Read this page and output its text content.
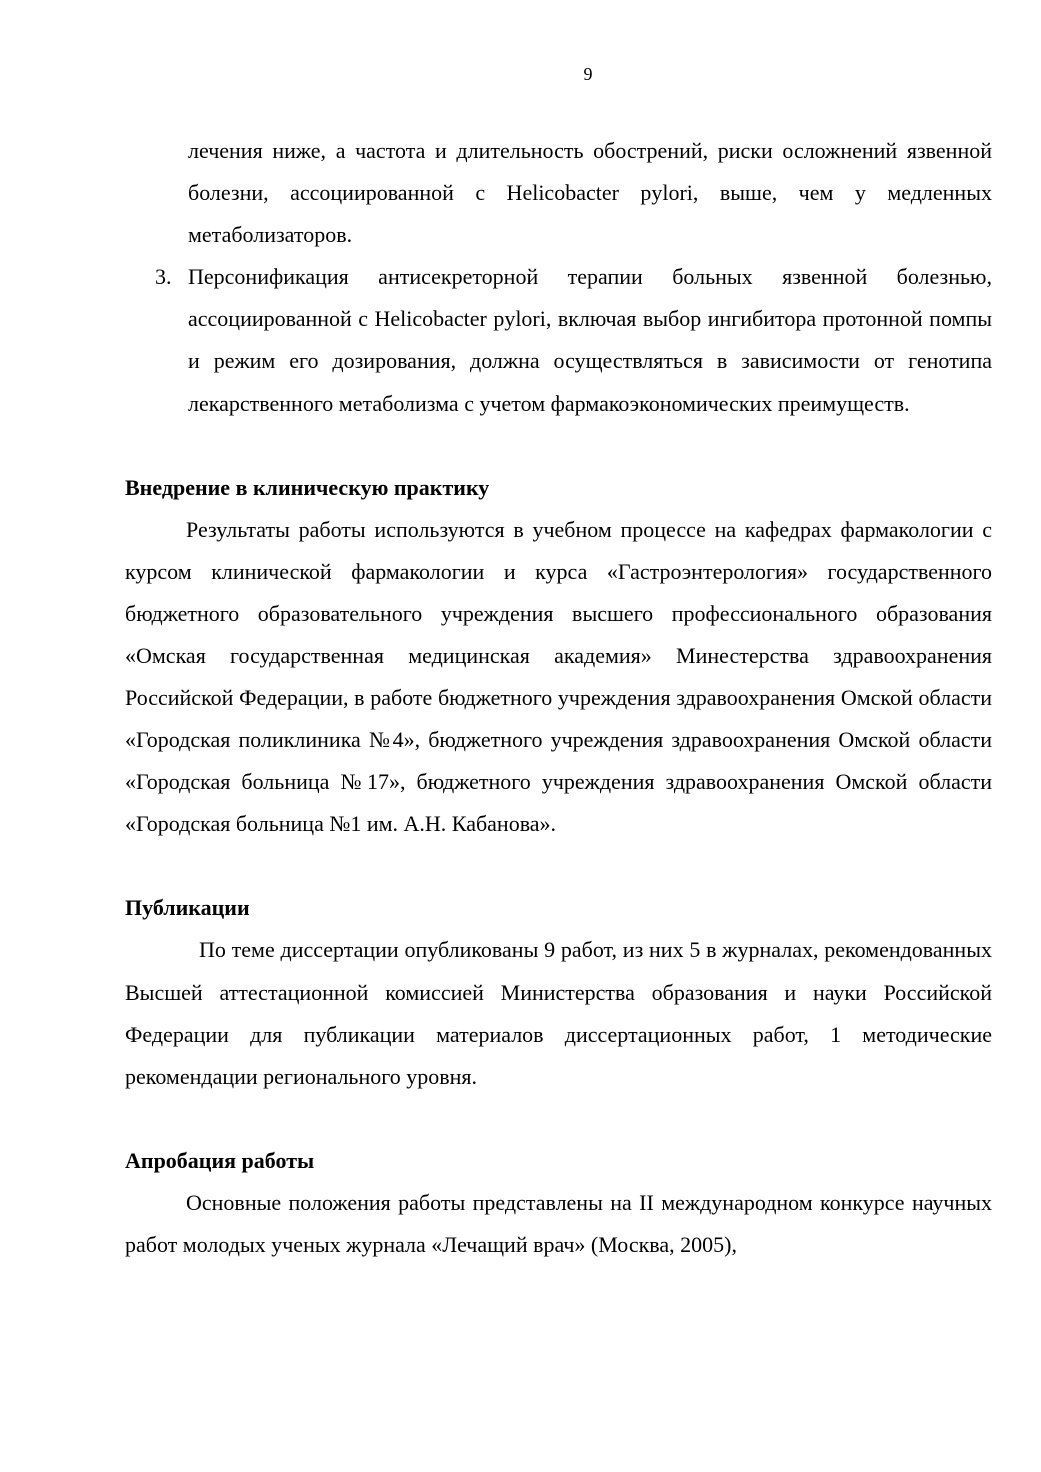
9

лечения ниже, а частота и длительность обострений, риски осложнений язвенной болезни, ассоциированной с Helicobacter pylori, выше, чем у медленных метаболизаторов.

3. Персонификация антисекреторной терапии больных язвенной болезнью, ассоциированной с Helicobacter pylori, включая выбор ингибитора протонной помпы и режим его дозирования, должна осуществляться в зависимости от генотипа лекарственного метаболизма с учетом фармакоэкономических преимуществ.
Внедрение в клиническую практику

Результаты работы используются в учебном процессе на кафедрах фармакологии с курсом клинической фармакологии и курса «Гастроэнтерология» государственного бюджетного образовательного учреждения высшего профессионального образования «Омская государственная медицинская академия» Минестерства здравоохранения Российской Федерации, в работе бюджетного учреждения здравоохранения Омской области «Городская поликлиника №4», бюджетного учреждения здравоохранения Омской области «Городская больница №17», бюджетного учреждения здравоохранения Омской области «Городская больница №1 им. А.Н. Кабанова».

Публикации

По теме диссертации опубликованы 9 работ, из них 5 в журналах, рекомендованных Высшей аттестационной комиссией Министерства образования и науки Российской Федерации для публикации материалов диссертационных работ, 1 методические рекомендации регионального уровня.

Апробация работы

Основные положения работы представлены на II международном конкурсе научных работ молодых ученых журнала «Лечащий врач» (Москва, 2005),
